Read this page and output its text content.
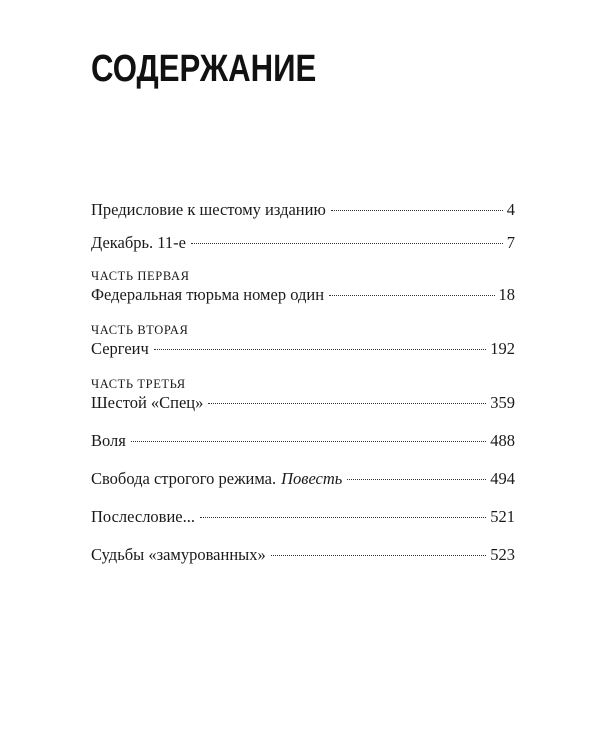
СОДЕРЖАНИЕ
Предисловие к шестому изданию	4
Декабрь. 11-е	7
ЧАСТЬ ПЕРВАЯ
Федеральная тюрьма номер один	18
ЧАСТЬ ВТОРАЯ
Сергеич	192
ЧАСТЬ ТРЕТЬЯ
Шестой «Спец»	359
Воля	488
Свобода строгого режима. Повесть	494
Послесловие...	521
Судьбы «замурованных»	523
